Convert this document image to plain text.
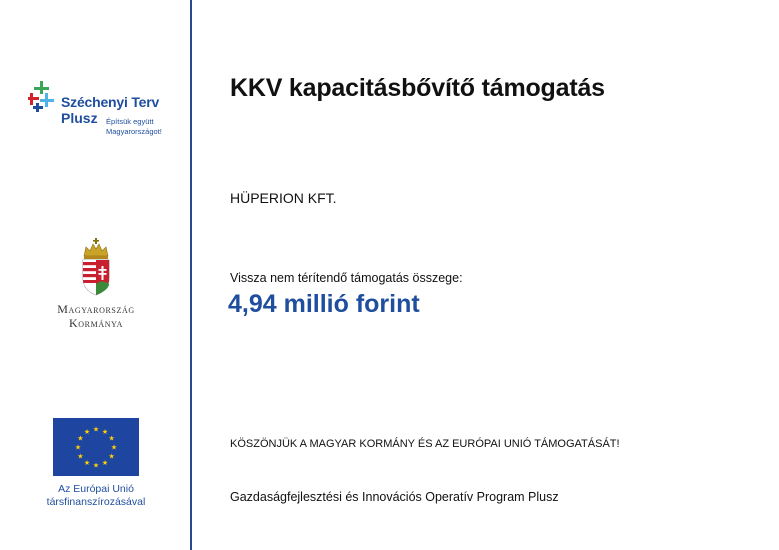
Széchenyi Terv
Plusz Építsük együtt
Magyarországot!
Magyarország
Kormánya
★ ★
★
★
★
★
★
★
★
★
★
★
Az Európai Unió
társfinanszírozásával
KKV kapacitásbővítő támogatás
HÜPERION KFT.
Vissza nem térítendő támogatás összege:
4,94 millió forint
KÖSZÖNJÜK A MAGYAR KORMÁNY ÉS AZ EURÓPAI UNIÓ TÁMOGATÁSÁT!
Gazdaságfejlesztési és Innovációs Operatív Program Plusz
